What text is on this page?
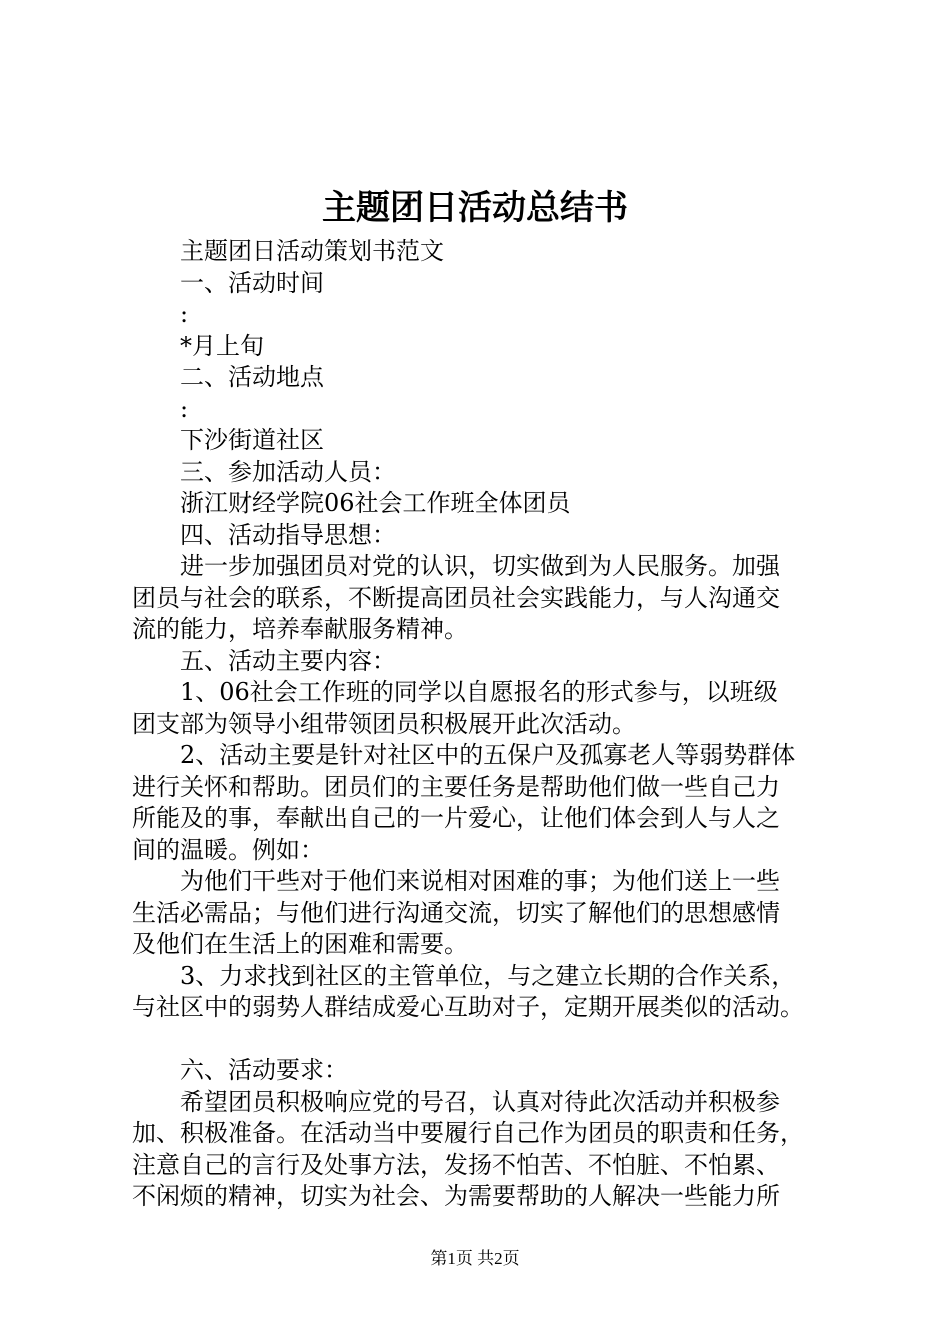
主题团日活动总结书

主题团日活动策划书范文

一、活动时间

:

*月上旬

二、活动地点

:

下沙街道社区

三、参加活动人员：

浙江财经学院06社会工作班全体团员

四、活动指导思想：

进一步加强团员对党的认识，切实做到为人民服务。加强

团员与社会的联系，不断提高团员社会实践能力，与人沟通交

流的能力，培养奉献服务精神。

五、活动主要内容：

1、06社会工作班的同学以自愿报名的形式参与，以班级

团支部为领导小组带领团员积极展开此次活动。

2、活动主要是针对社区中的五保户及孤寡老人等弱势群体

进行关怀和帮助。团员们的主要任务是帮助他们做一些自己力

所能及的事，奉献出自己的一片爱心，让他们体会到人与人之

间的温暖。例如：

为他们干些对于他们来说相对困难的事；为他们送上一些

生活必需品；与他们进行沟通交流，切实了解他们的思想感情

及他们在生活上的困难和需要。

3、力求找到社区的主管单位，与之建立长期的合作关系，

与社区中的弱势人群结成爱心互助对子，定期开展类似的活动。

六、活动要求：

希望团员积极响应党的号召，认真对待此次活动并积极参

加、积极准备。在活动当中要履行自己作为团员的职责和任务，

注意自己的言行及处事方法，发扬不怕苦、不怕脏、不怕累、

不闲烦的精神，切实为社会、为需要帮助的人解决一些能力所

第1页 共2页
